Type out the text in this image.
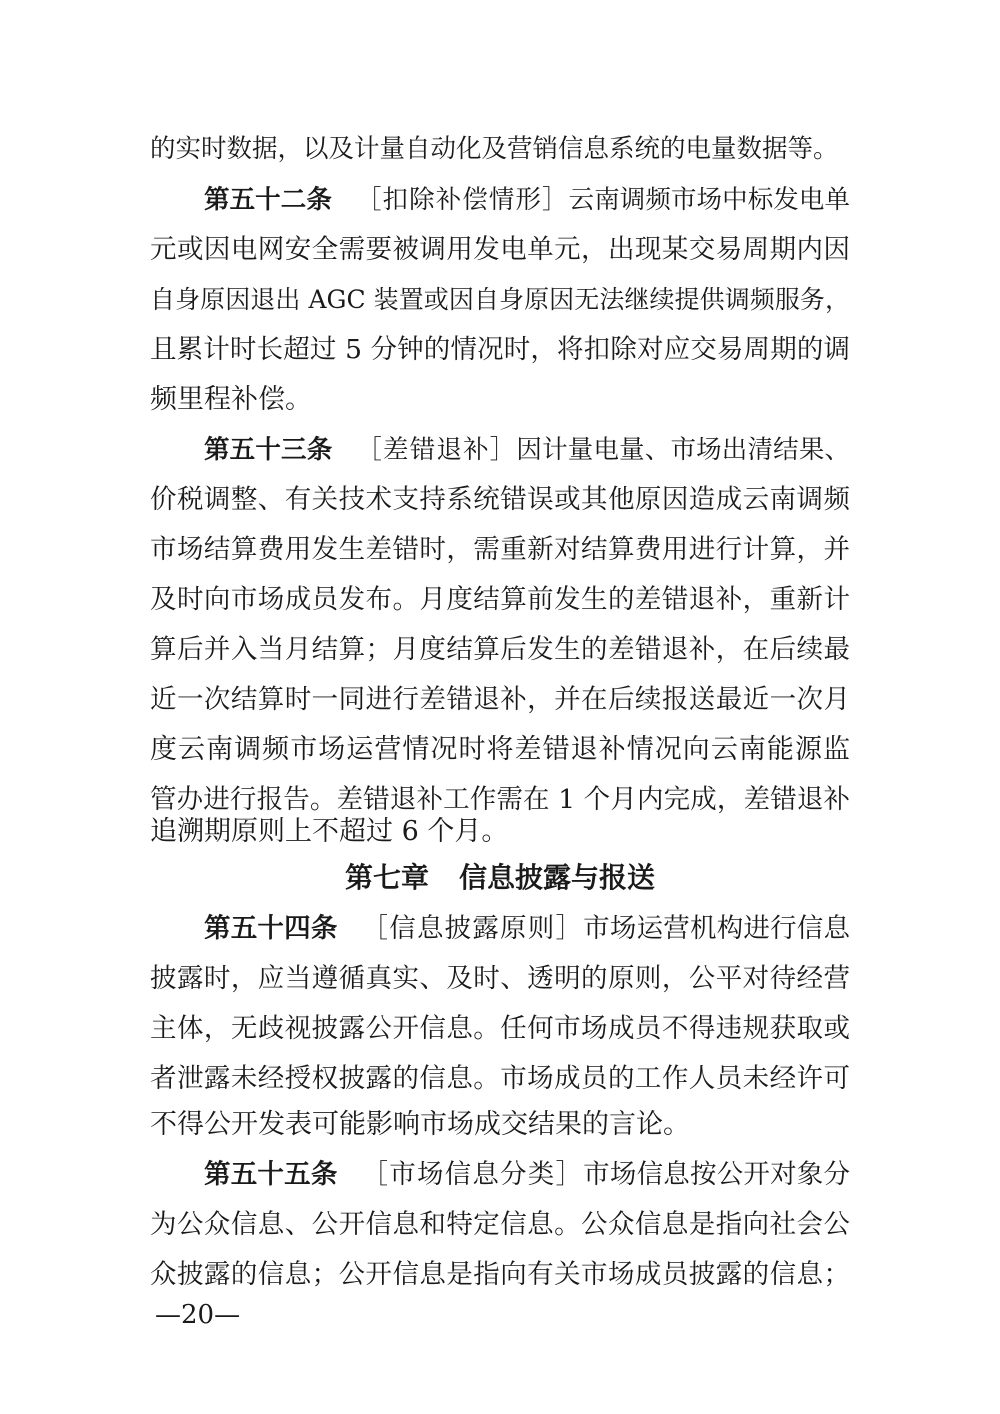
的实时数据，以及计量自动化及营销信息系统的电量数据等。
第五十二条 ［扣除补偿情形］云南调频市场中标发电单
元或因电网安全需要被调用发电单元，出现某交易周期内因
自身原因退出 AGC 装置或因自身原因无法继续提供调频服务，
且累计时长超过 5 分钟的情况时，将扣除对应交易周期的调
频里程补偿。
第五十三条 ［差错退补］因计量电量、市场出清结果、
价税调整、有关技术支持系统错误或其他原因造成云南调频
市场结算费用发生差错时，需重新对结算费用进行计算，并
及时向市场成员发布。月度结算前发生的差错退补，重新计
算后并入当月结算；月度结算后发生的差错退补，在后续最
近一次结算时一同进行差错退补，并在后续报送最近一次月
度云南调频市场运营情况时将差错退补情况向云南能源监
管办进行报告。差错退补工作需在 1 个月内完成，差错退补
追溯期原则上不超过 6 个月。
第七章 信息披露与报送
第五十四条 ［信息披露原则］市场运营机构进行信息
披露时，应当遵循真实、及时、透明的原则，公平对待经营
主体，无歧视披露公开信息。任何市场成员不得违规获取或
者泄露未经授权披露的信息。市场成员的工作人员未经许可
不得公开发表可能影响市场成交结果的言论。
第五十五条 ［市场信息分类］市场信息按公开对象分
为公众信息、公开信息和特定信息。公众信息是指向社会公
众披露的信息；公开信息是指向有关市场成员披露的信息；
—20—
